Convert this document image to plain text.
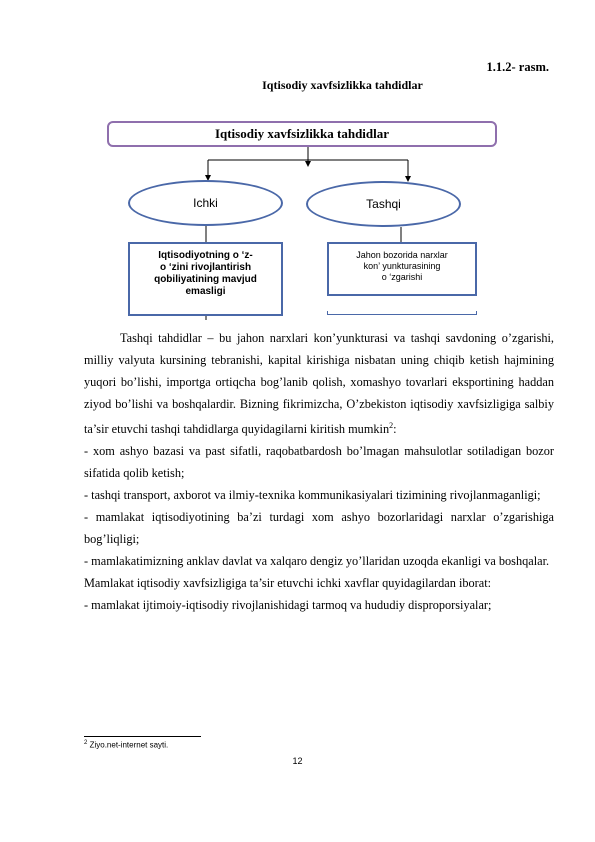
1.1.2- rasm.
Iqtisodiy xavfsizlikka tahdidlar
Iqtisodiy xavfsizlikka tahdidlar
Ichki	Tashqi
Iqtisodiyotning o ‘z-
o ‘zini rivojlantirish
qobiliyatining mavjud
emasligi
Jahon bozorida narxlar
kon’ yunkturasining
o ‘zgarishi

Tashqi tahdidlar – bu jahon narxlari kon’yunkturasi va tashqi savdoning o’zgarishi, milliy valyuta kursining tebranishi, kapital kirishiga nisbatan uning chiqib ketish hajmining yuqori bo’lishi, importga ortiqcha bog’lanib qolish, xomashyo tovarlari eksportining haddan ziyod bo’lishi va boshqalardir. Bizning fikrimizcha, O’zbekiston iqtisodiy xavfsizligiga salbiy ta’sir etuvchi tashqi tahdidlarga quyidagilarni kiritish mumkin$^2$:

- xom ashyo bazasi va past sifatli, raqobatbardosh bo’lmagan mahsulotlar sotiladigan bozor sifatida qolib ketish;

- tashqi transport, axborot va ilmiy-texnika kommunikasiyalari tizimining rivojlanmaganligi;

- mamlakat iqtisodiyotining ba’zi turdagi xom ashyo bozorlaridagi narxlar o’zgarishiga bog’liqligi;

- mamlakatimizning anklav davlat va xalqaro dengiz yo’llaridan uzoqda ekanligi va boshqalar.

Mamlakat iqtisodiy xavfsizligiga ta’sir etuvchi ichki xavflar quyidagilardan iborat:

- mamlakat ijtimoiy-iqtisodiy rivojlanishidagi tarmoq va hududiy disproporsiyalar;

$^2$ Ziyo.net-internet sayti.
12
